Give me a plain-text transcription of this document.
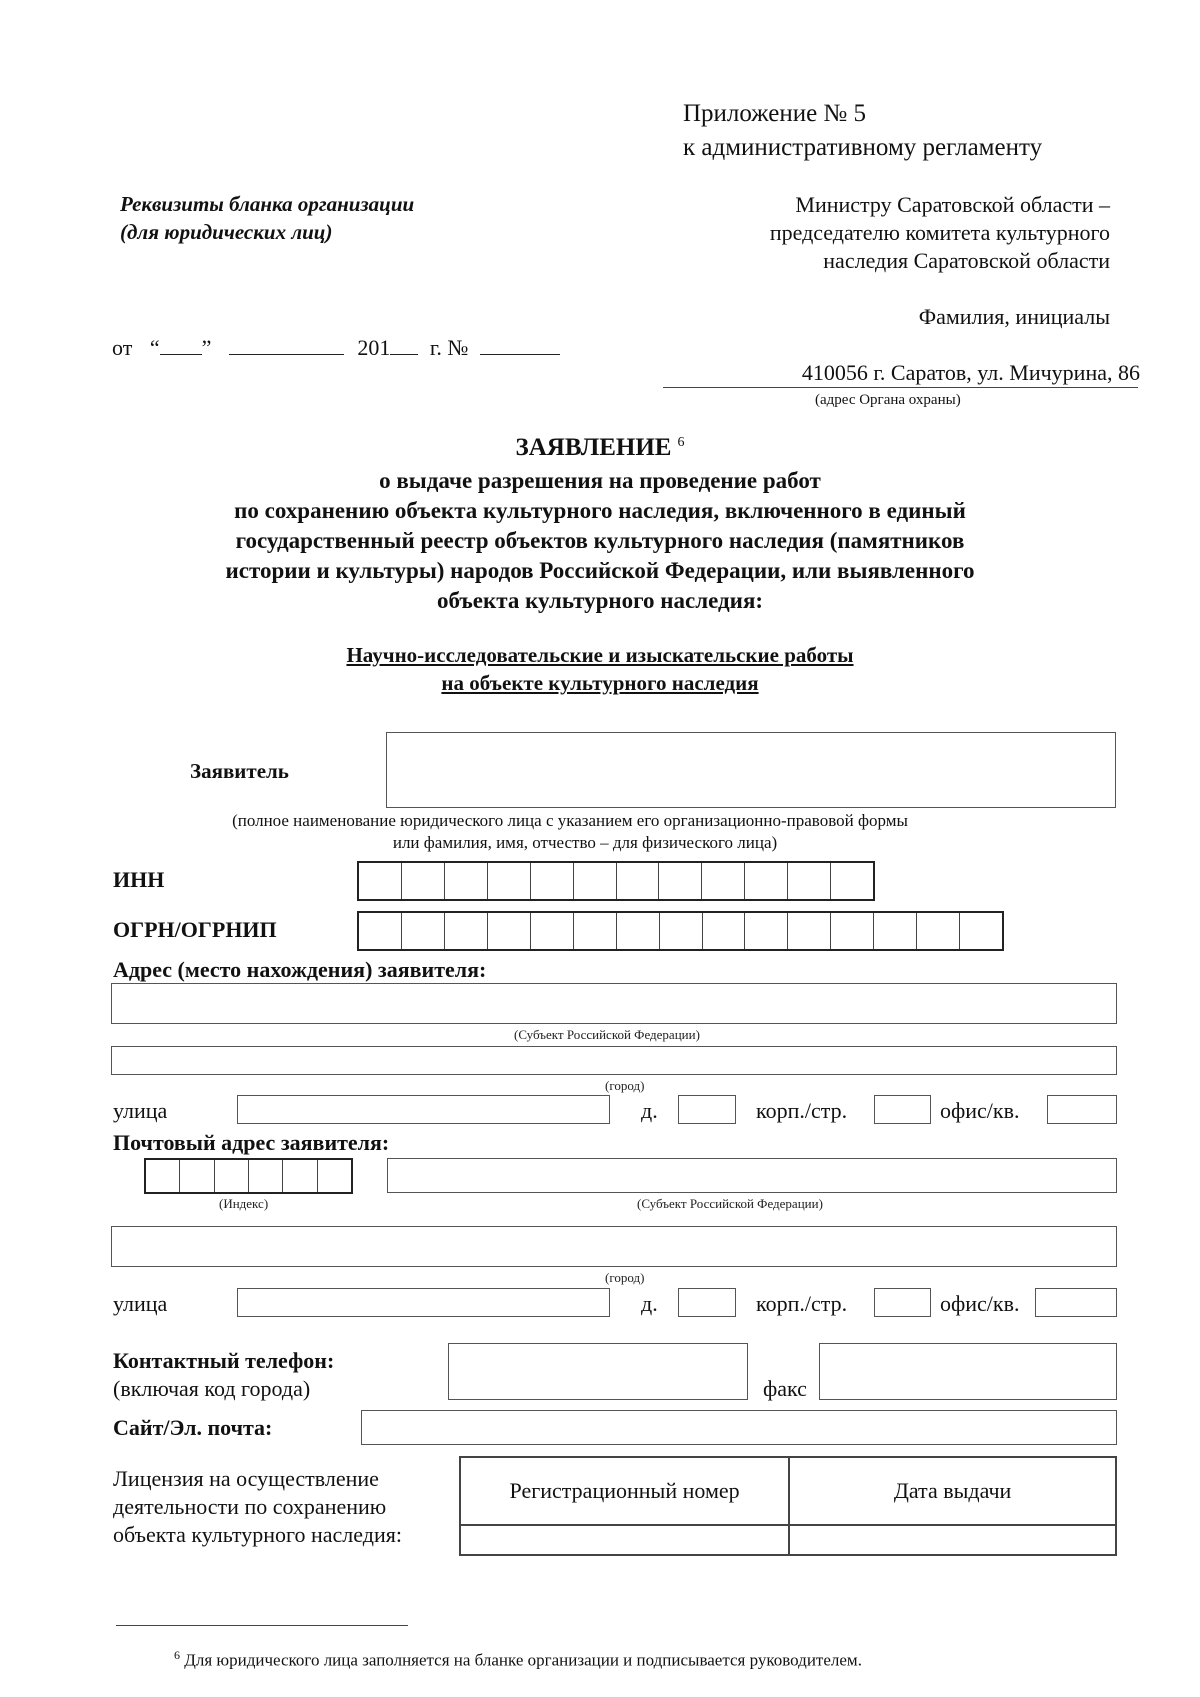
Приложение № 5
к административному регламенту
Реквизиты бланка организации
(для юридических лиц)
Министру Саратовской области –
председателю комитета культурного
наследия Саратовской области
Фамилия, инициалы
от “ ”	201 г. №
410056 г. Саратов, ул. Мичурина, 86
(адрес Органа охраны)
ЗАЯВЛЕНИЕ $^6$
о выдаче разрешения на проведение работ
по сохранению объекта культурного наследия, включенного в единый
государственный реестр объектов культурного наследия (памятников
истории и культуры) народов Российской Федерации, или выявленного
объекта культурного наследия:
Научно-исследовательские и изыскательские работы
на объекте культурного наследия
Заявитель
(полное наименование юридического лица с указанием его организационно-правовой формы
или фамилия, имя, отчество – для физического лица)
ИНН
ОГРН/ОГРНИП
Адрес (место нахождения) заявителя:
(Субъект Российской Федерации)
(город)
улица	д.	корп./стр.	офис/кв.
Почтовый адрес заявителя:
(Индекс)	(Субъект Российской Федерации)
(город)
улица	д.	корп./стр.	офис/кв.
Контактный телефон:
(включая код города)	факс
Сайт/Эл. почта:
Лицензия на осуществление
деятельности по сохранению
объекта культурного наследия:
Регистрационный номер	Дата выдачи

$^6$ Для юридического лица заполняется на бланке организации и подписывается руководителем.
